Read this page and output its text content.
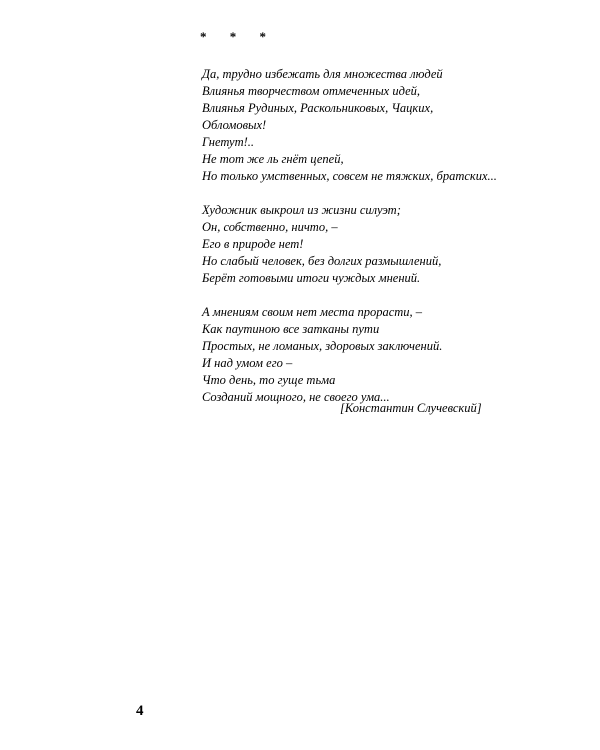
* * *
Да, трудно избежать для множества людей
Влиянья творчеством отмеченных идей,
Влиянья Рудиных, Раскольниковых, Чацких,
Обломовых!
Гнетут!..
Не тот же ль гнёт цепей,
Но только умственных, совсем не тяжких, братских...
Художник выкроил из жизни силуэт;
Он, собственно, ничто, –
Его в природе нет!
Но слабый человек, без долгих размышлений,
Берёт готовыми итоги чуждых мнений.
А мнениям своим нет места прорасти, –
Как паутиною все затканы пути
Простых, не ломаных, здоровых заключений.
И над умом его –
Что день, то гуще тьма
Созданий мощного, не своего ума...
[Константин Случевский]
4
